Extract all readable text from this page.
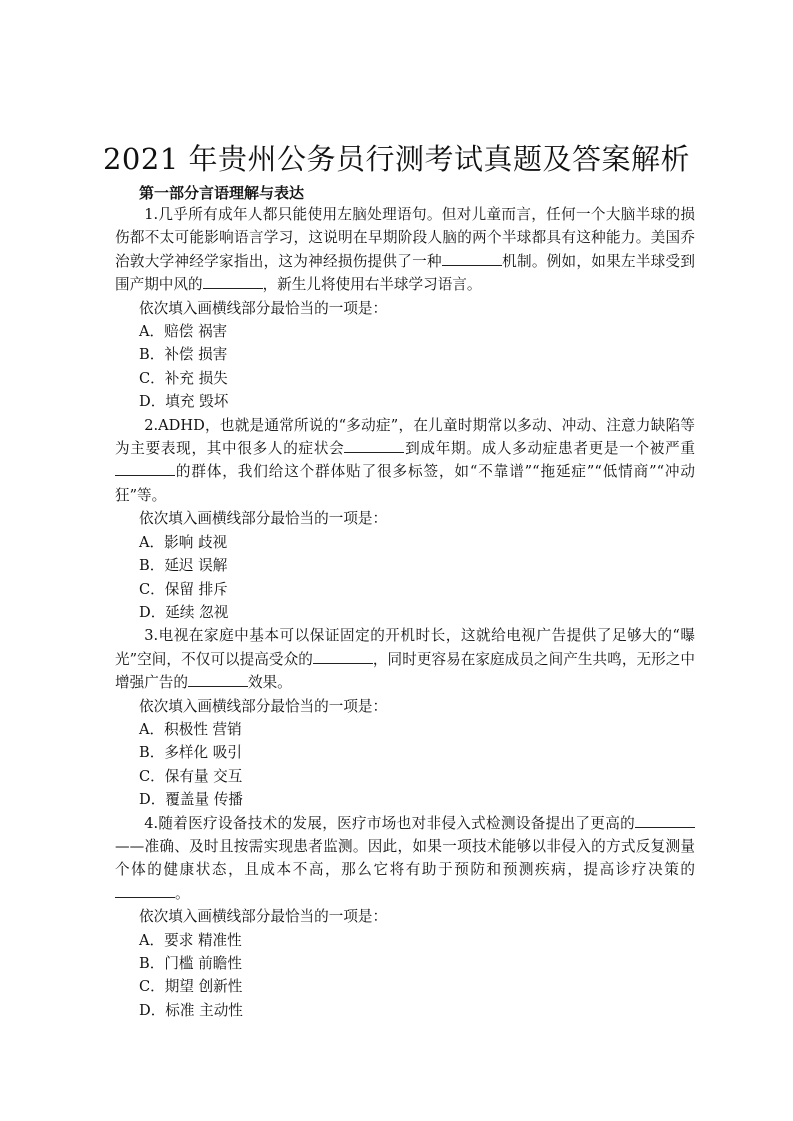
2021 年贵州公务员行测考试真题及答案解析
第一部分言语理解与表达

1.几乎所有成年人都只能使用左脑处理语句。但对儿童而言，任何一个大脑半球的损伤都不太可能影响语言学习，这说明在早期阶段人脑的两个半球都具有这种能力。美国乔治敦大学神经学家指出，这为神经损伤提供了一种	机制。例如，如果左半球受到围产期中风的	，新生儿将使用右半球学习语言。

依次填入画横线部分最恰当的一项是：
A．赔偿 祸害
B．补偿 损害
C．补充 损失
D．填充 毁坏

2.ADHD，也就是通常所说的“多动症”，在儿童时期常以多动、冲动、注意力缺陷等为主要表现，其中很多人的症状会	到成年期。成人多动症患者更是一个被严重的群体，我们给这个群体贴了很多标签，如“不靠谱”“拖延症”“低情商”“冲动狂”等。

依次填入画横线部分最恰当的一项是：
A．影响 歧视
B．延迟 误解
C．保留 排斥
D．延续 忽视

3.电视在家庭中基本可以保证固定的开机时长，这就给电视广告提供了足够大的“曝光”空间，不仅可以提高受众的	，同时更容易在家庭成员之间产生共鸣，无形之中增强广告的	效果。

依次填入画横线部分最恰当的一项是：
A．积极性 营销
B．多样化 吸引
C．保有量 交互
D．覆盖量 传播

4.随着医疗设备技术的发展，医疗市场也对非侵入式检测设备提出了更高的——准确、及时且按需实现患者监测。因此，如果一项技术能够以非侵入的方式反复测量个体的健康状态，且成本不高，那么它将有助于预防和预测疾病，提高诊疗决策的。

依次填入画横线部分最恰当的一项是：
A．要求 精准性
B．门槛 前瞻性
C．期望 创新性
D．标准 主动性
